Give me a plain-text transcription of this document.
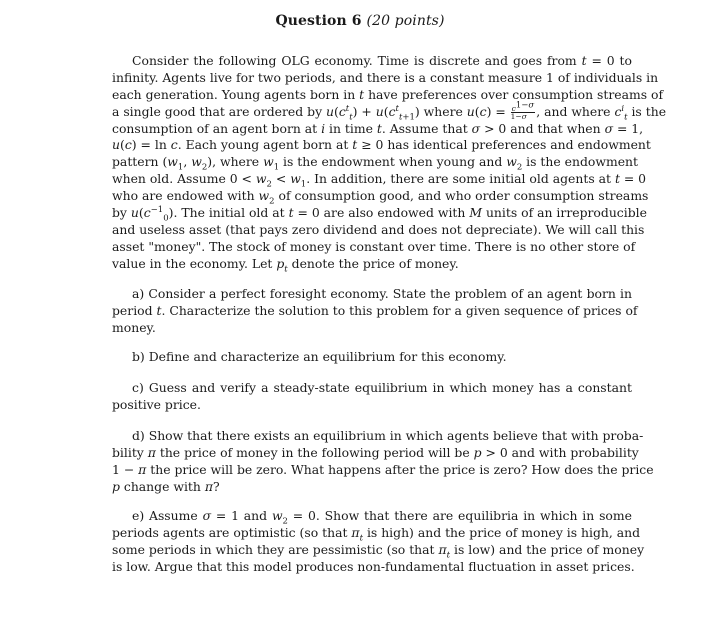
Question 6 (20 points)
Consider the following OLG economy. Time is discrete and goes from t = 0 to
infinity. Agents live for two periods, and there is a constant measure 1 of individuals in
each generation. Young agents born in t have preferences over consumption streams of
a single good that are ordered by $u(c^t_t) + u(c^t_{t+1})$ where $u(c) = \frac{c^{1-\sigma}}{1-\sigma}$ , and where $c^i_t$ is the
consumption of an agent born at i in time t. Assume that σ > 0 and that when σ = 1,
u(c) = ln c. Each young agent born at t ≥ 0 has identical preferences and endowment
pattern ($w_1$, $w_2$), where $w_1$ is the endowment when young and $w_2$ is the endowment
when old. Assume $0 < w_2 < w_1$. In addition, there are some initial old agents at t = 0
who are endowed with $w_2$ of consumption good, and who order consumption streams
by $u(c^{-1}_0)$. The initial old at t = 0 are also endowed with M units of an irreproducible
and useless asset (that pays zero dividend and does not depreciate). We will call this
asset "money". The stock of money is constant over time. There is no other store of
value in the economy. Let $p_t$ denote the price of money.
a) Consider a perfect foresight economy. State the problem of an agent born in
period t. Characterize the solution to this problem for a given sequence of prices of
money.
b) Define and characterize an equilibrium for this economy.
c) Guess and verify a steady-state equilibrium in which money has a constant
positive price.
d) Show that there exists an equilibrium in which agents believe that with proba-
bility π the price of money in the following period will be p > 0 and with probability
1 − π the price will be zero. What happens after the price is zero? How does the price
p change with π?
e) Assume σ = 1 and $w_2 = 0$. Show that there are equilibria in which in some
periods agents are optimistic (so that $\pi_t$ is high) and the price of money is high, and
some periods in which they are pessimistic (so that $\pi_t$ is low) and the price of money
is low. Argue that this model produces non-fundamental fluctuation in asset prices.
